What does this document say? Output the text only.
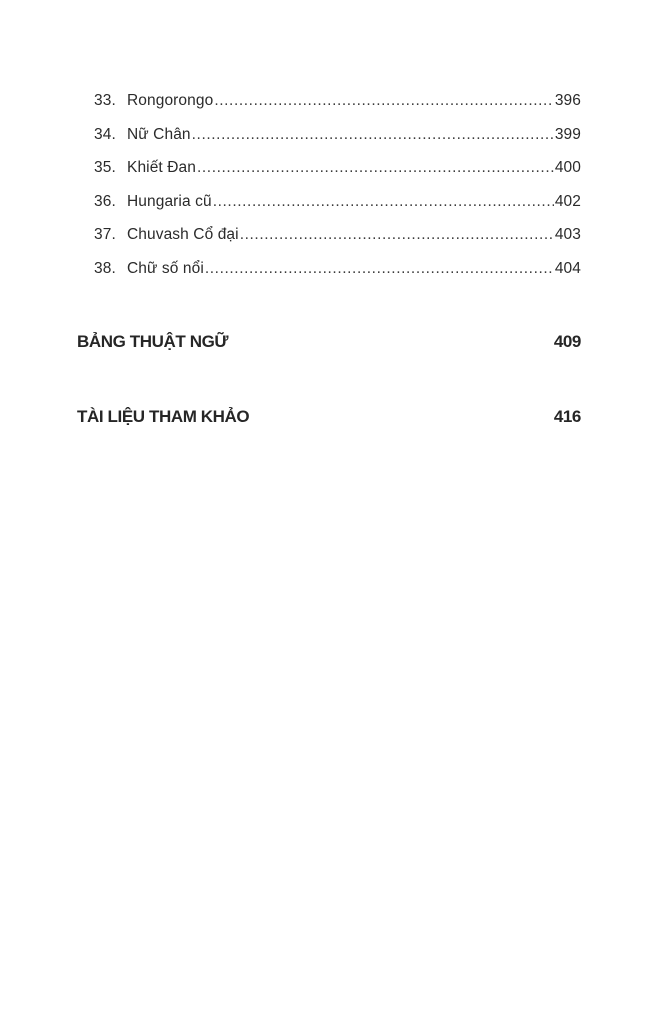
33. Rongorongo .....	396
34. Nữ Chân .....	399
35. Khiết Đan .....	400
36. Hungaria cũ .....	402
37. Chuvash Cổ đại .....	403
38. Chữ số nổi .....	404
BẢNG THUẬT NGỮ	409
TÀI LIỆU THAM KHẢO	416
